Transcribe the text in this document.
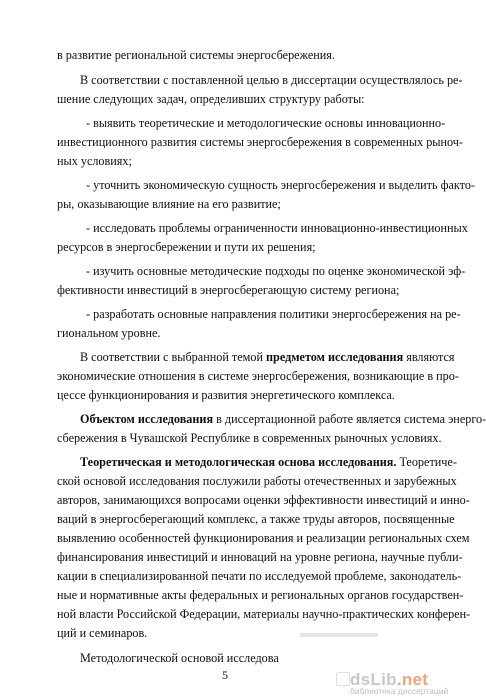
в развитие региональной системы энергосбережения.
В соответствии с поставленной целью в диссертации осуществлялось ре-
шение следующих задач, определивших структуру работы:
- выявить теоретические и методологические основы инновационно-
инвестиционного развития системы энергосбережения в современных рыноч-
ных условиях;
- уточнить экономическую сущность энергосбережения и выделить факто-
ры, оказывающие влияние на его развитие;
- исследовать проблемы ограниченности инновационно-инвестиционных
ресурсов в энергосбережении и пути их решения;
- изучить основные методические подходы по оценке экономической эф-
фективности инвестиций в энергосберегающую систему региона;
- разработать основные направления политики энергосбережения на ре-
гиональном уровне.
В соответствии с выбранной темой предметом исследования являются
экономические отношения в системе энергосбережения, возникающие в про-
цессе функционирования и развития энергетического комплекса.
Объектом исследования в диссертационной работе является система энерго-
сбережения в Чувашской Республике в современных рыночных условиях.
Теоретическая и методологическая основа исследования. Теоретиче-
ской основой исследования послужили работы отечественных и зарубежных
авторов, занимающихся вопросами оценки эффективности инвестиций и инно-
ваций в энергосберегающий комплекс, а также труды авторов, посвященные
выявлению особенностей функционирования и реализации региональных схем
финансирования инвестиций и инноваций на уровне региона, научные публи-
кации в специализированной печати по исследуемой проблеме, законодатель-
ные и нормативные акты федеральных и региональных органов государствен-
ной власти Российской Федерации, материалы научно-практических конферен-
ций и семинаров.
Методологической основой исследова
5	dsLib.net
библиотека диссертаций
